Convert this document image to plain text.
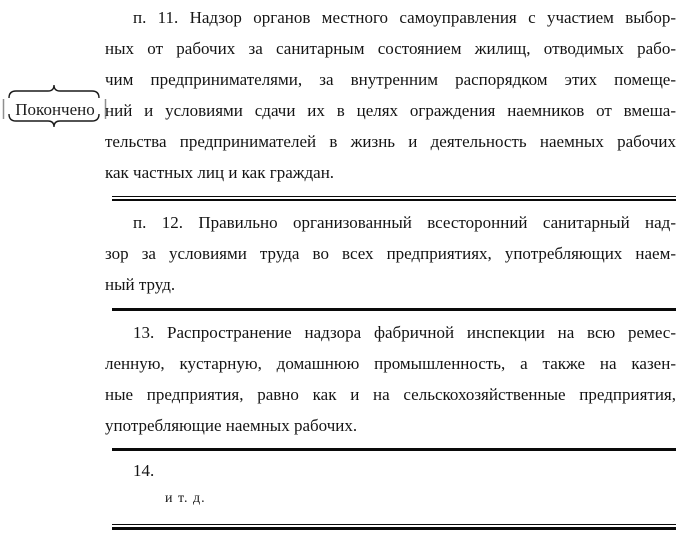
Покончено
п. 11. Надзор органов местного самоуправления с участием выбор-
ных от рабочих за санитарным состоянием жилищ, отводимых рабо-
чим предпринимателями, за внутренним распорядком этих помеще-
ний и условиями сдачи их в целях ограждения наемников от вмеша-
тельства предпринимателей в жизнь и деятельность наемных рабочих
как частных лиц и как граждан.
п. 12. Правильно организованный всесторонний санитарный над-
зор за условиями труда во всех предприятиях, употребляющих наем-
ный труд.
13. Распространение надзора фабричной инспекции на всю ремес-
ленную, кустарную, домашнюю промышленность, а также на казен-
ные предприятия, равно как и на сельскохозяйственные предприятия,
употребляющие наемных рабочих.
14.
и т. д.
